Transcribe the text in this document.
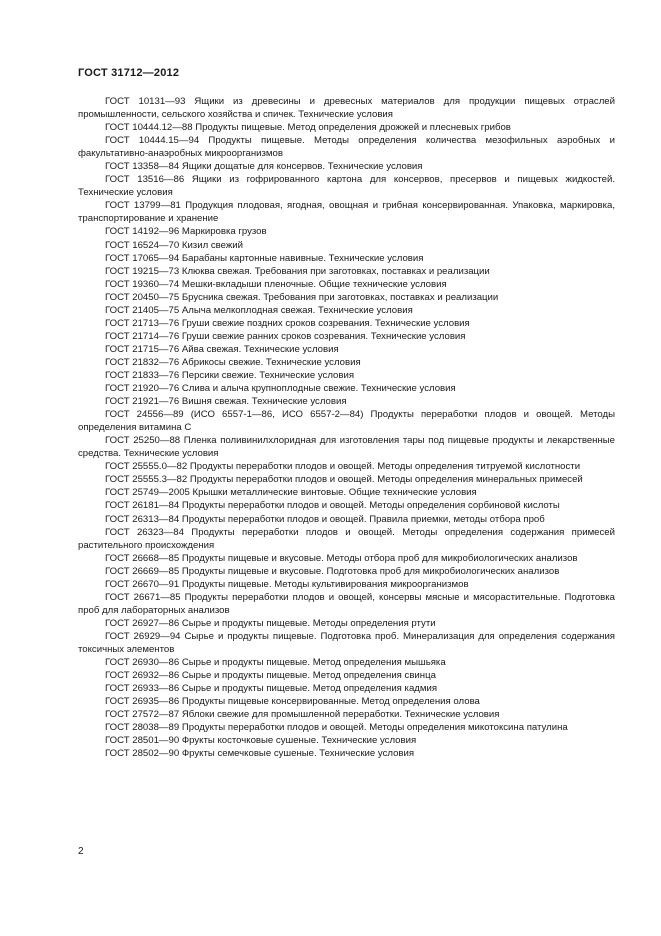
ГОСТ 31712—2012
ГОСТ 10131—93 Ящики из древесины и древесных материалов для продукции пищевых отраслей промышленности, сельского хозяйства и спичек. Технические условия
ГОСТ 10444.12—88 Продукты пищевые. Метод определения дрожжей и плесневых грибов
ГОСТ 10444.15—94 Продукты пищевые. Методы определения количества мезофильных аэробных и факультативно-анаэробных микроорганизмов
ГОСТ 13358—84 Ящики дощатые для консервов. Технические условия
ГОСТ 13516—86 Ящики из гофрированного картона для консервов, пресервов и пищевых жидкостей. Технические условия
ГОСТ 13799—81 Продукция плодовая, ягодная, овощная и грибная консервированная. Упаковка, маркировка, транспортирование и хранение
ГОСТ 14192—96 Маркировка грузов
ГОСТ 16524—70 Кизил свежий
ГОСТ 17065—94 Барабаны картонные навивные. Технические условия
ГОСТ 19215—73 Клюква свежая. Требования при заготовках, поставках и реализации
ГОСТ 19360—74 Мешки-вкладыши пленочные. Общие технические условия
ГОСТ 20450—75 Брусника свежая. Требования при заготовках, поставках и реализации
ГОСТ 21405—75 Алыча мелкоплодная свежая. Технические условия
ГОСТ 21713—76 Груши свежие поздних сроков созревания. Технические условия
ГОСТ 21714—76 Груши свежие ранних сроков созревания. Технические условия
ГОСТ 21715—76 Айва свежая. Технические условия
ГОСТ 21832—76 Абрикосы свежие. Технические условия
ГОСТ 21833—76 Персики свежие. Технические условия
ГОСТ 21920—76 Слива и алыча крупноплодные свежие. Технические условия
ГОСТ 21921—76 Вишня свежая. Технические условия
ГОСТ 24556—89 (ИСО 6557-1—86, ИСО 6557-2—84) Продукты переработки плодов и овощей. Методы определения витамина С
ГОСТ 25250—88 Пленка поливинилхлоридная для изготовления тары под пищевые продукты и лекарственные средства. Технические условия
ГОСТ 25555.0—82 Продукты переработки плодов и овощей. Методы определения титруемой кислотности
ГОСТ 25555.3—82 Продукты переработки плодов и овощей. Методы определения минеральных примесей
ГОСТ 25749—2005 Крышки металлические винтовые. Общие технические условия
ГОСТ 26181—84 Продукты переработки плодов и овощей. Методы определения сорбиновой кислоты
ГОСТ 26313—84 Продукты переработки плодов и овощей. Правила приемки, методы отбора проб
ГОСТ 26323—84 Продукты переработки плодов и овощей. Методы определения содержания примесей растительного происхождения
ГОСТ 26668—85 Продукты пищевые и вкусовые. Методы отбора проб для микробиологических анализов
ГОСТ 26669—85 Продукты пищевые и вкусовые. Подготовка проб для микробиологических анализов
ГОСТ 26670—91 Продукты пищевые. Методы культивирования микроорганизмов
ГОСТ 26671—85 Продукты переработки плодов и овощей, консервы мясные и мясорастительные. Подготовка проб для лабораторных анализов
ГОСТ 26927—86 Сырье и продукты пищевые. Методы определения ртути
ГОСТ 26929—94 Сырье и продукты пищевые. Подготовка проб. Минерализация для определения содержания токсичных элементов
ГОСТ 26930—86 Сырье и продукты пищевые. Метод определения мышьяка
ГОСТ 26932—86 Сырье и продукты пищевые. Метод определения свинца
ГОСТ 26933—86 Сырье и продукты пищевые. Метод определения кадмия
ГОСТ 26935—86 Продукты пищевые консервированные. Метод определения олова
ГОСТ 27572—87 Яблоки свежие для промышленной переработки. Технические условия
ГОСТ 28038—89 Продукты переработки плодов и овощей. Методы определения микотоксина патулина
ГОСТ 28501—90 Фрукты косточковые сушеные. Технические условия
ГОСТ 28502—90 Фрукты семечковые сушеные. Технические условия
2
